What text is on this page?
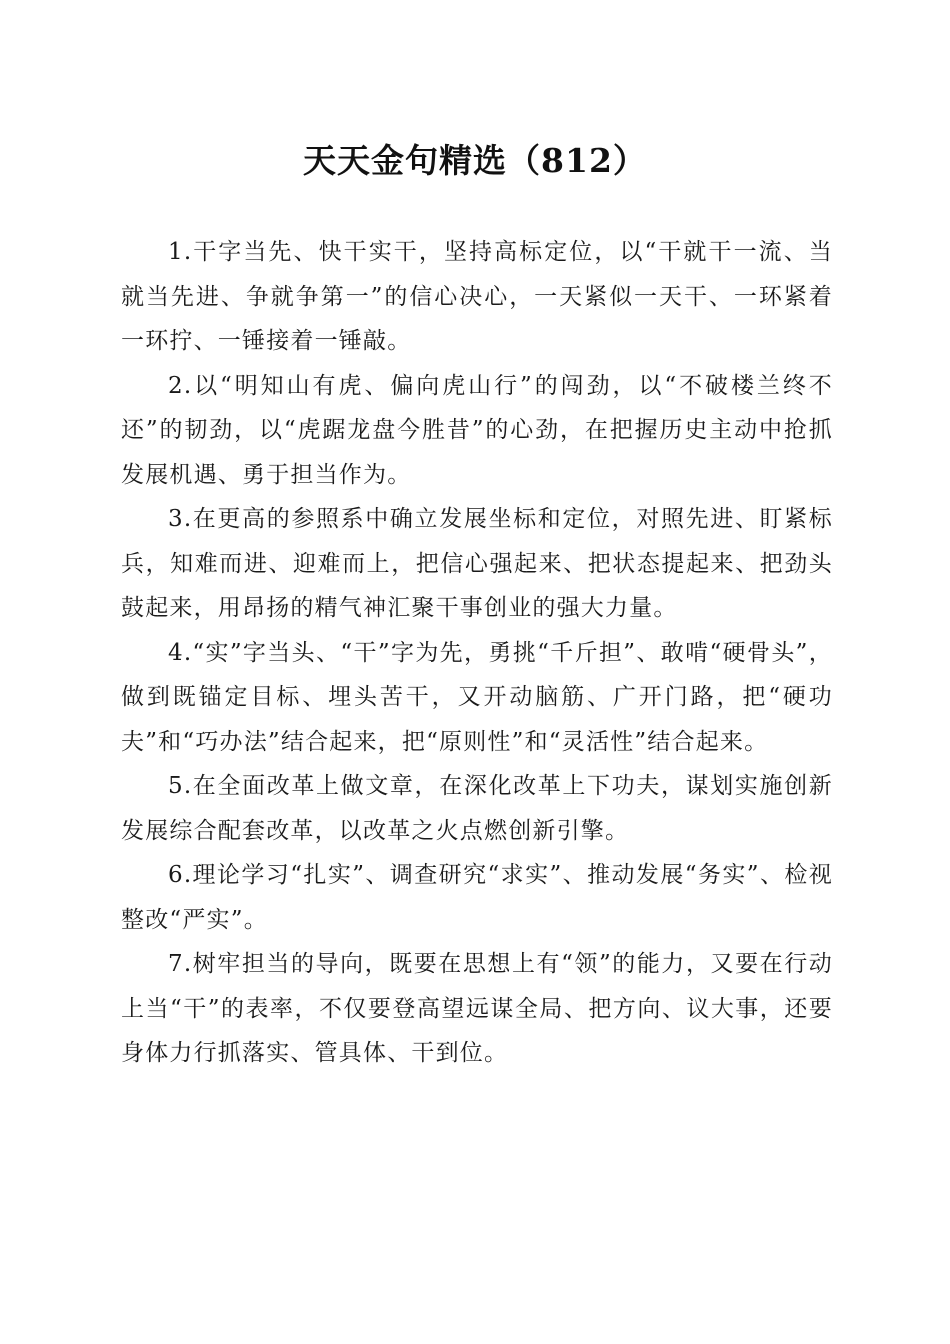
天天金句精选（812）

1.干字当先、快干实干，坚持高标定位，以“干就干一流、当就当先进、争就争第一”的信心决心，一天紧似一天干、一环紧着一环拧、一锤接着一锤敲。

2.以“明知山有虎、偏向虎山行”的闯劲，以“不破楼兰终不还”的韧劲，以“虎踞龙盘今胜昔”的心劲，在把握历史主动中抢抓发展机遇、勇于担当作为。

3.在更高的参照系中确立发展坐标和定位，对照先进、盯紧标兵，知难而进、迎难而上，把信心强起来、把状态提起来、把劲头鼓起来，用昂扬的精气神汇聚干事创业的强大力量。

4.“实”字当头、“干”字为先，勇挑“千斤担”、敢啃“硬骨头”，做到既锚定目标、埋头苦干，又开动脑筋、广开门路，把“硬功夫”和“巧办法”结合起来，把“原则性”和“灵活性”结合起来。

5.在全面改革上做文章，在深化改革上下功夫，谋划实施创新发展综合配套改革，以改革之火点燃创新引擎。

6.理论学习“扎实”、调查研究“求实”、推动发展“务实”、检视整改“严实”。

7.树牢担当的导向，既要在思想上有“领”的能力，又要在行动上当“干”的表率，不仅要登高望远谋全局、把方向、议大事，还要身体力行抓落实、管具体、干到位。
